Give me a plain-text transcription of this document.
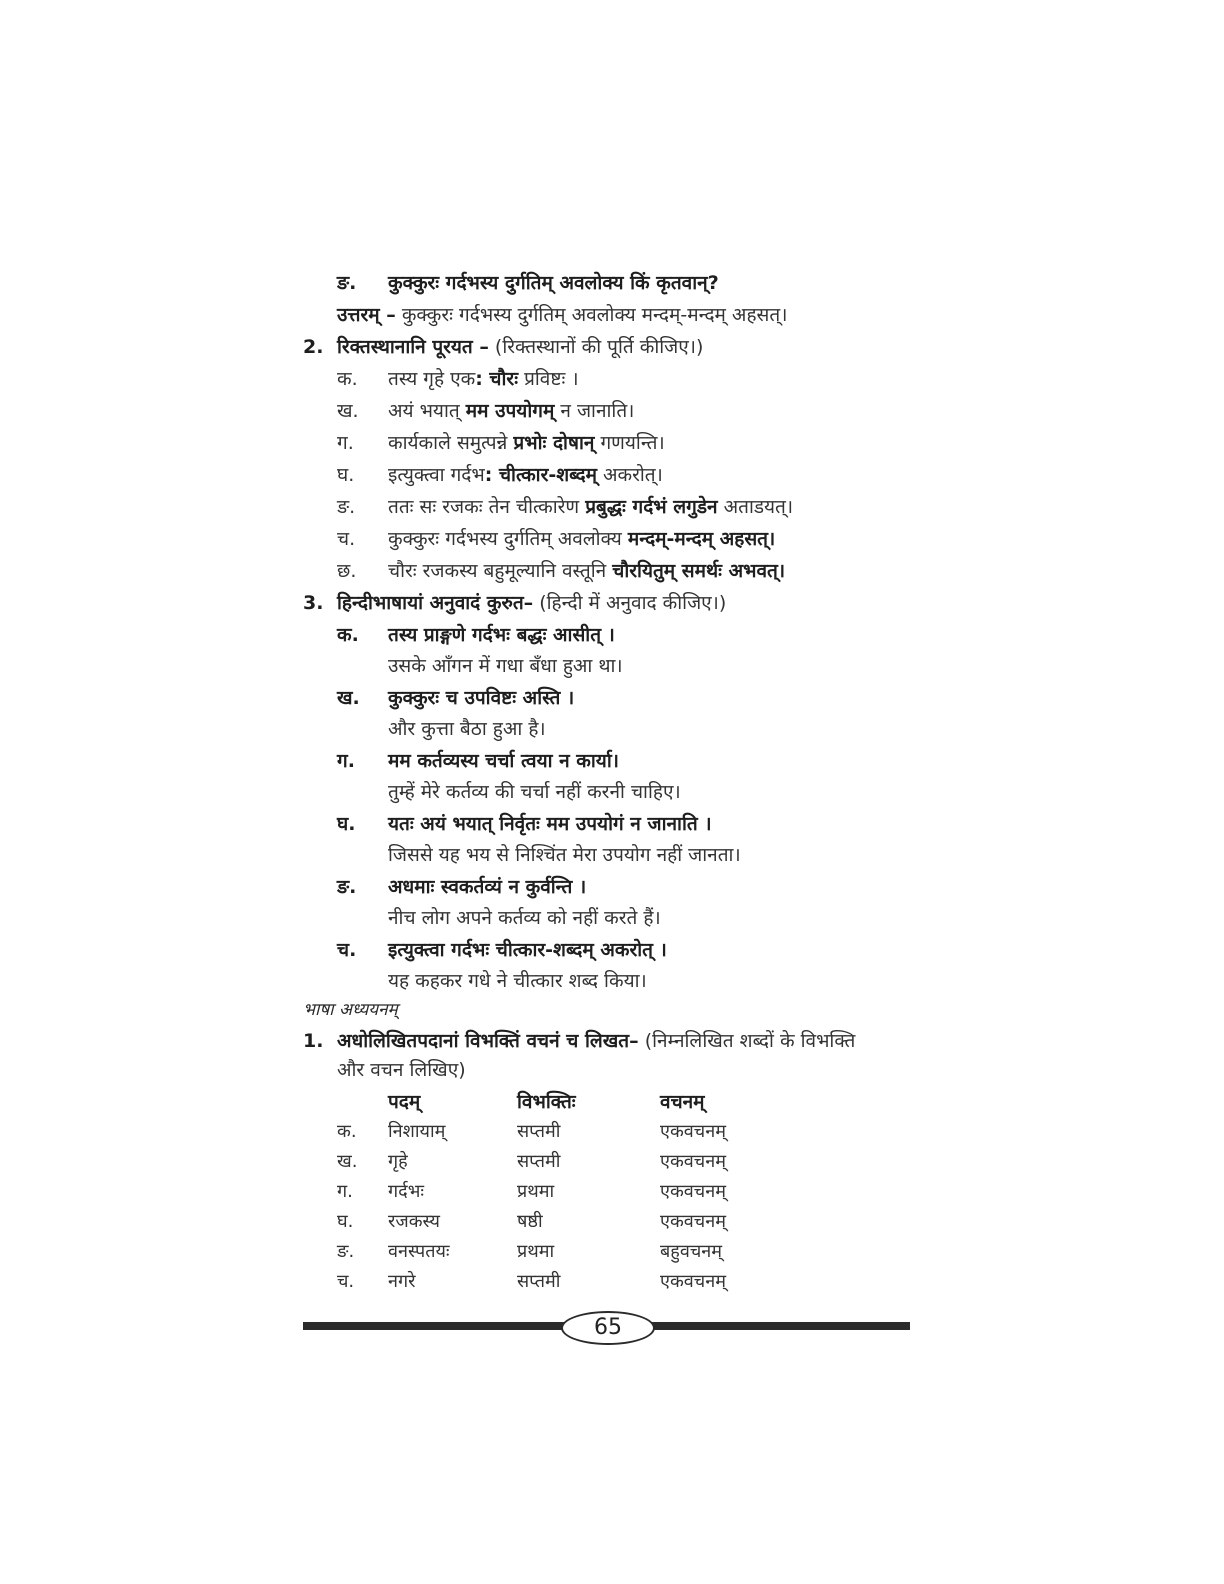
ङ. कुक्कुरः गर्दभस्य दुर्गतिम् अवलोक्य किं कृतवान्?
उत्तरम् – कुक्कुरः गर्दभस्य दुर्गतिम् अवलोक्य मन्दम्-मन्दम् अहसत्।
2. रिक्तस्थानानि पूरयत – (रिक्तस्थानों की पूर्ति कीजिए।)
क. तस्य गृहे एक: चौरः प्रविष्टः ।
ख. अयं भयात् मम उपयोगम् न जानाति।
ग. कार्यकाले समुत्पन्ने प्रभोः दोषान् गणयन्ति।
घ. इत्युक्त्वा गर्दभ: चीत्कार-शब्दम् अकरोत्।
ङ. ततः सः रजकः तेन चीत्कारेण प्रबुद्धः गर्दभं लगुडेन अताडयत्।
च. कुक्कुरः गर्दभस्य दुर्गतिम् अवलोक्य मन्दम्-मन्दम् अहसत्।
छ. चौरः रजकस्य बहुमूल्यानि वस्तूनि चौरयितुम् समर्थः अभवत्।
3. हिन्दीभाषायां अनुवादं कुरुत– (हिन्दी में अनुवाद कीजिए।)
क. तस्य प्राङ्गणे गर्दभः बद्धः आसीत् ।
उसके आँगन में गधा बँधा हुआ था।
ख. कुक्कुरः च उपविष्टः अस्ति ।
और कुत्ता बैठा हुआ है।
ग. मम कर्तव्यस्य चर्चा त्वया न कार्या।
तुम्हें मेरे कर्तव्य की चर्चा नहीं करनी चाहिए।
घ. यतः अयं भयात् निर्वृतः मम उपयोगं न जानाति ।
जिससे यह भय से निश्चिंत मेरा उपयोग नहीं जानता।
ङ. अधमाः स्वकर्तव्यं न कुर्वन्ति ।
नीच लोग अपने कर्तव्य को नहीं करते हैं।
च. इत्युक्त्वा गर्दभः चीत्कार-शब्दम् अकरोत् ।
यह कहकर गधे ने चीत्कार शब्द किया।
भाषा अध्ययनम्
1. अधोलिखितपदानां विभक्तिं वचनं च लिखत– (निम्नलिखित शब्दों के विभक्ति
और वचन लिखिए)
पदम्	विभक्तिः	वचनम्
क. निशायाम्	सप्तमी	एकवचनम्
ख. गृहे	सप्तमी	एकवचनम्
ग. गर्दभः	प्रथमा	एकवचनम्
घ. रजकस्य	षष्ठी	एकवचनम्
ङ. वनस्पतयः	प्रथमा	बहुवचनम्
च. नगरे	सप्तमी	एकवचनम्
65
